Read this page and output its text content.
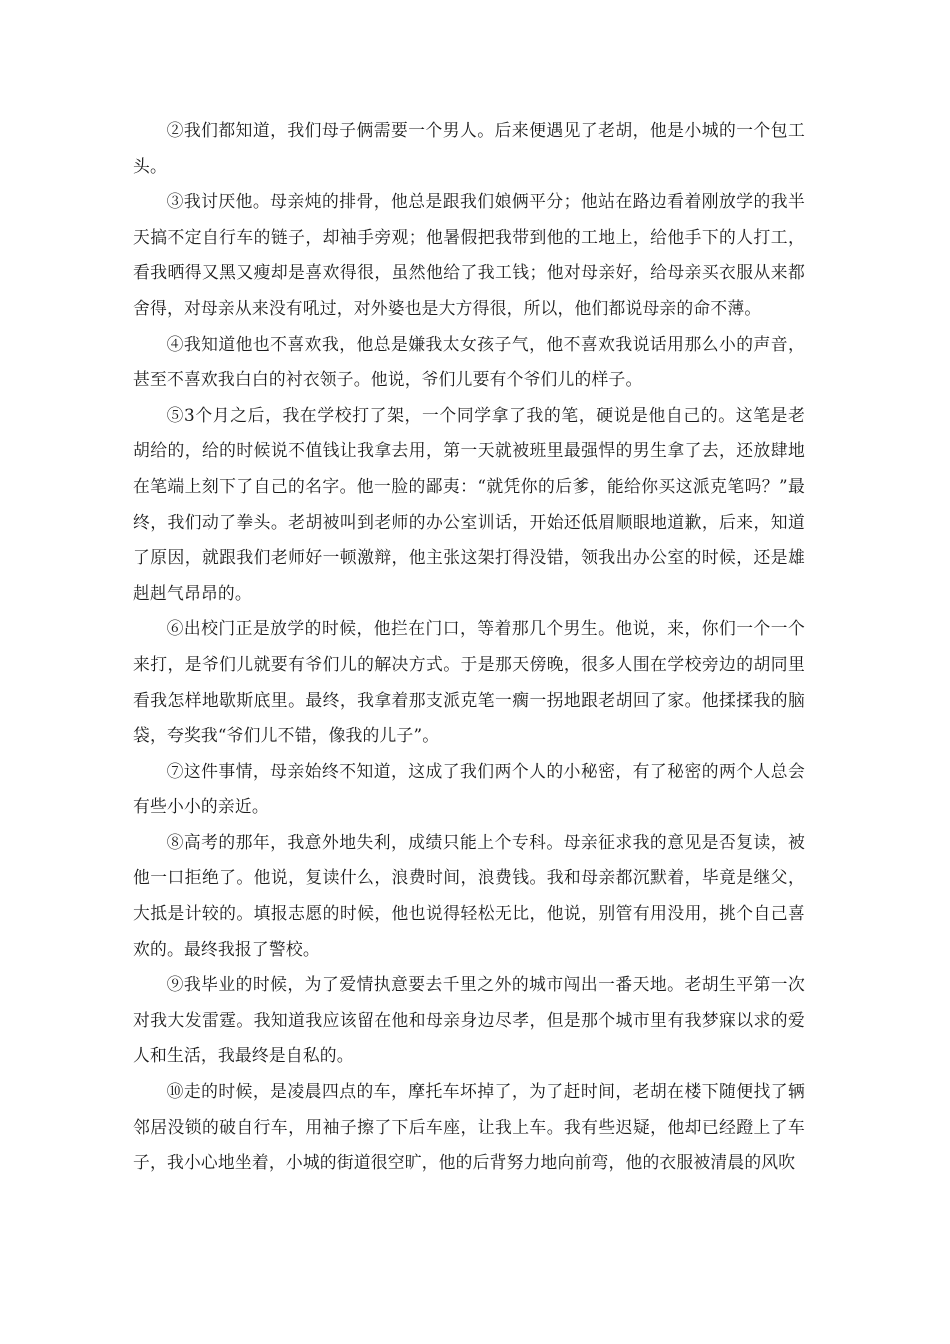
②我们都知道，我们母子俩需要一个男人。后来便遇见了老胡，他是小城的一个包工头。

③我讨厌他。母亲炖的排骨，他总是跟我们娘俩平分；他站在路边看着刚放学的我半天搞不定自行车的链子，却袖手旁观；他暑假把我带到他的工地上，给他手下的人打工，看我晒得又黑又瘦却是喜欢得很，虽然他给了我工钱；他对母亲好，给母亲买衣服从来都舍得，对母亲从来没有吼过，对外婆也是大方得很，所以，他们都说母亲的命不薄。

④我知道他也不喜欢我，他总是嫌我太女孩子气，他不喜欢我说话用那么小的声音，甚至不喜欢我白白的衬衣领子。他说，爷们儿要有个爷们儿的样子。

⑤3个月之后，我在学校打了架，一个同学拿了我的笔，硬说是他自己的。这笔是老胡给的，给的时候说不值钱让我拿去用，第一天就被班里最强悍的男生拿了去，还放肆地在笔端上刻下了自己的名字。他一脸的鄙夷：“就凭你的后爹，能给你买这派克笔吗？”最终，我们动了拳头。老胡被叫到老师的办公室训话，开始还低眉顺眼地道歉，后来，知道了原因，就跟我们老师好一顿激辩，他主张这架打得没错，领我出办公室的时候，还是雄赳赳气昂昂的。

⑥出校门正是放学的时候，他拦在门口，等着那几个男生。他说，来，你们一个一个来打，是爷们儿就要有爷们儿的解决方式。于是那天傍晚，很多人围在学校旁边的胡同里看我怎样地歇斯底里。最终，我拿着那支派克笔一瘸一拐地跟老胡回了家。他揉揉我的脑袋，夸奖我“爷们儿不错，像我的儿子”。

⑦这件事情，母亲始终不知道，这成了我们两个人的小秘密，有了秘密的两个人总会有些小小的亲近。

⑧高考的那年，我意外地失利，成绩只能上个专科。母亲征求我的意见是否复读，被他一口拒绝了。他说，复读什么，浪费时间，浪费钱。我和母亲都沉默着，毕竟是继父，大抵是计较的。填报志愿的时候，他也说得轻松无比，他说，别管有用没用，挑个自己喜欢的。最终我报了警校。

⑨我毕业的时候，为了爱情执意要去千里之外的城市闯出一番天地。老胡生平第一次对我大发雷霆。我知道我应该留在他和母亲身边尽孝，但是那个城市里有我梦寐以求的爱人和生活，我最终是自私的。

⑩走的时候，是凌晨四点的车，摩托车坏掉了，为了赶时间，老胡在楼下随便找了辆邻居没锁的破自行车，用袖子擦了下后车座，让我上车。我有些迟疑，他却已经蹬上了车子，我小心地坐着，小城的街道很空旷，他的后背努力地向前弯，他的衣服被清晨的风吹
